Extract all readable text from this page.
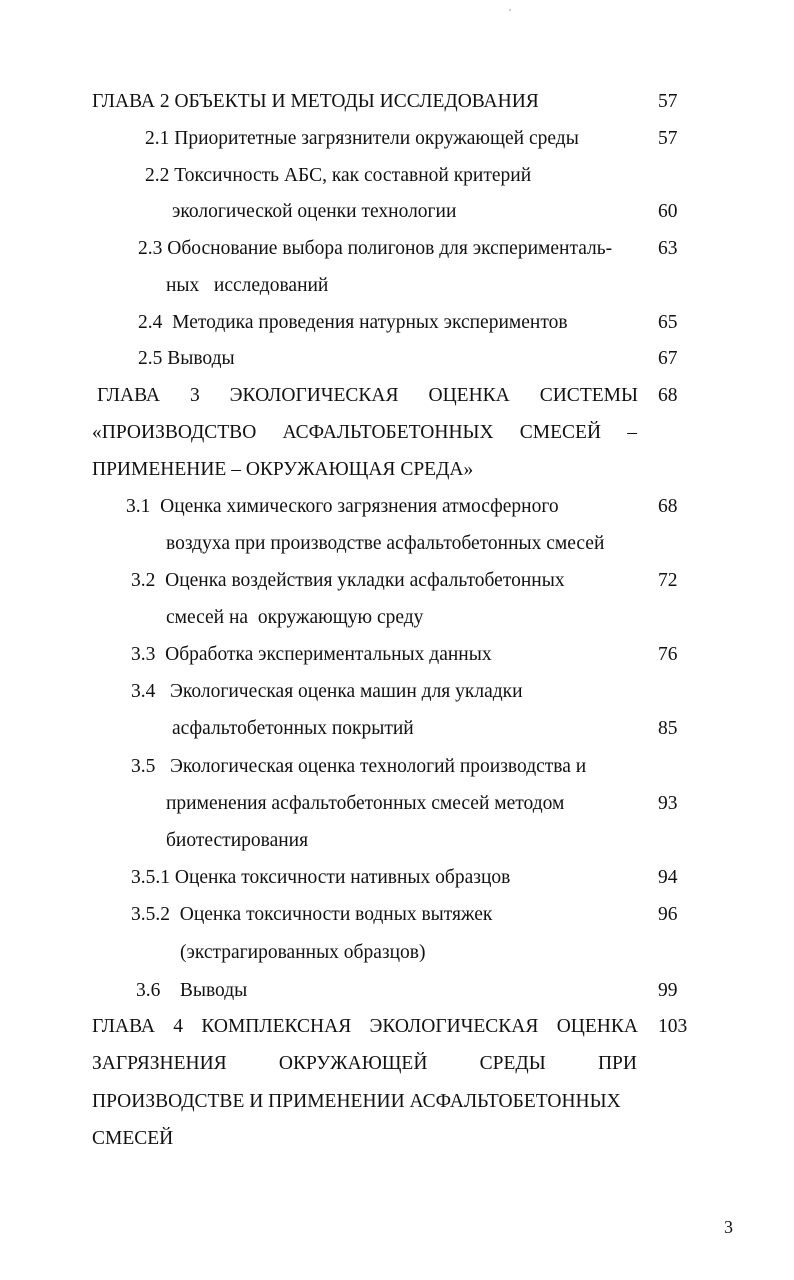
ГЛАВА 2 ОБЪЕКТЫ И МЕТОДЫ ИССЛЕДОВАНИЯ	57
2.1 Приоритетные загрязнители окружающей среды	57
2.2 Токсичность АБС, как составной критерий
экологической оценки технологии	60
2.3 Обоснование выбора полигонов для эксперименталь- 63
ных   исследований
2.4  Методика проведения натурных экспериментов	65
2.5 Выводы	67
ГЛАВА 3 ЭКОЛОГИЧЕСКАЯ ОЦЕНКА СИСТЕМЫ 68
«ПРОИЗВОДСТВО АСФАЛЬТОБЕТОННЫХ СМЕСЕЙ –
ПРИМЕНЕНИЕ – ОКРУЖАЮЩАЯ СРЕДА»
3.1  Оценка химического загрязнения атмосферного	68
воздуха при производстве асфальтобетонных смесей
3.2  Оценка воздействия укладки асфальтобетонных	72
смесей на  окружающую среду
3.3  Обработка экспериментальных данных	76
3.4   Экологическая оценка машин для укладки
асфальтобетонных покрытий	85
3.5   Экологическая оценка технологий производства и
применения асфальтобетонных смесей методом	93
биотестирования
3.5.1 Оценка токсичности нативных образцов	94
3.5.2  Оценка токсичности водных вытяжек	96
(экстрагированных образцов)
3.6    Выводы	99
ГЛАВА 4 КОМПЛЕКСНАЯ ЭКОЛОГИЧЕСКАЯ ОЦЕНКА 103
ЗАГРЯЗНЕНИЯ	ОКРУЖАЮЩЕЙ	СРЕДЫ	ПРИ
ПРОИЗВОДСТВЕ И ПРИМЕНЕНИИ АСФАЛЬТОБЕТОННЫХ
СМЕСЕЙ
3
